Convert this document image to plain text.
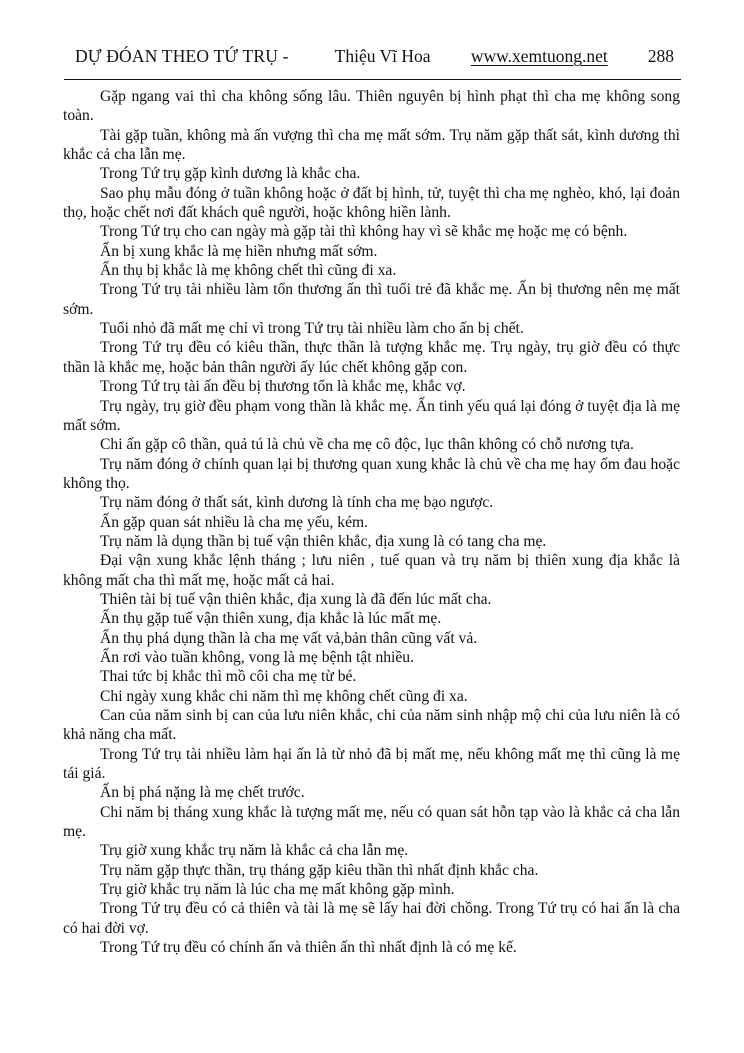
DỰ ĐÓAN THEO TỨ TRỤ -	Thiệu Vĩ Hoa www.xemtuong.net 288

Gặp ngang vai thì cha không sống lâu. Thiên nguyên bị hình phạt thì cha mẹ không song toàn.

Tài gặp tuần, không mà ấn vượng thì cha mẹ mất sớm. Trụ năm gặp thất sát, kình dương thì khắc cả cha lẫn mẹ.

Trong Tứ trụ gặp kình dương là khắc cha.

Sao phụ mẫu đóng ở tuần không hoặc ở đất bị hình, tử, tuyệt thì cha mẹ nghèo, khó, lại đoản thọ, hoặc chết nơi đất khách quê người, hoặc không hiền lành.

Trong Tứ trụ cho can ngày mà gặp tài thì không hay vì sẽ khắc mẹ hoặc mẹ có bệnh.

Ấn bị xung khắc là mẹ hiền nhưng mất sớm.

Ấn thụ bị khắc là mẹ không chết thì cũng đi xa.

Trong Tứ trụ tài nhiều làm tổn thương ấn thì tuổi trẻ đã khắc mẹ. Ấn bị thương nên mẹ mất sớm.

Tuổi nhỏ đã mất mẹ chỉ vì trong Tứ trụ tài nhiều làm cho ấn bị chết.

Trong Tứ trụ đều có kiêu thần, thực thần là tượng khắc mẹ. Trụ ngày, trụ giờ đều có thực thần là khắc mẹ, hoặc bản thân người ấy lúc chết không gặp con.

Trong Tứ trụ tài ấn đều bị thương tổn là khắc mẹ, khắc vợ.

Trụ ngày, trụ giờ đều phạm vong thần là khắc mẹ. Ấn tinh yếu quá lại đóng ở tuyệt địa là mẹ mất sớm.

Chi ấn gặp cô thần, quả tú là chủ về cha mẹ cô độc, lục thân không có chỗ nương tựa.

Trụ năm đóng ở chính quan lại bị thương quan xung khắc là chủ về cha mẹ hay ốm đau hoặc không thọ.

Trụ năm đóng ở thất sát, kình dương là tính cha mẹ bạo ngược.

Ấn gặp quan sát nhiều là cha mẹ yếu, kém.

Trụ năm là dụng thần bị tuế vận thiên khắc, địa xung là có tang cha mẹ.

Đại vận xung khắc lệnh tháng ; lưu niên , tuế quan và trụ năm bị thiên xung địa khắc là không mất cha thì mất mẹ, hoặc mất cả hai.

Thiên tài bị tuế vận thiên khắc, địa xung là đã đến lúc mất cha.

Ấn thụ gặp tuế vận thiên xung, địa khắc là lúc mất mẹ.

Ấn thụ phá dụng thần là cha mẹ vất vả,bản thân cũng vất vả.

Ấn rơi vào tuần không, vong là mẹ bệnh tật nhiều.

Thai tức bị khắc thì mồ côi cha mẹ từ bé.

Chi ngày xung khắc chi năm thì mẹ không chết cũng đi xa.

Can của năm sinh bị can của lưu niên khắc, chi của năm sinh nhập mộ chi của lưu niên là có khả năng cha mất.

Trong Tứ trụ tài nhiều làm hại ấn là từ nhỏ đã bị mất mẹ, nếu không mất mẹ thì cũng là mẹ tái giá.

Ấn bị phá nặng là mẹ chết trước.

Chi năm bị tháng xung khắc là tượng mất mẹ, nếu có quan sát hỗn tạp vào là khắc cả cha lẫn mẹ.

Trụ giờ xung khắc trụ năm là khắc cả cha lẫn mẹ.

Trụ năm gặp thực thần, trụ tháng gặp kiêu thần thì nhất định khắc cha.

Trụ giờ khắc trụ năm là lúc cha mẹ mất không gặp mình.

Trong Tứ trụ đều có cả thiên và tài là mẹ sẽ lấy hai đời chồng. Trong Tứ trụ có hai ấn là cha có hai đời vợ.

Trong Tứ trụ đều có chính ấn và thiên ấn thì nhất định là có mẹ kế.
